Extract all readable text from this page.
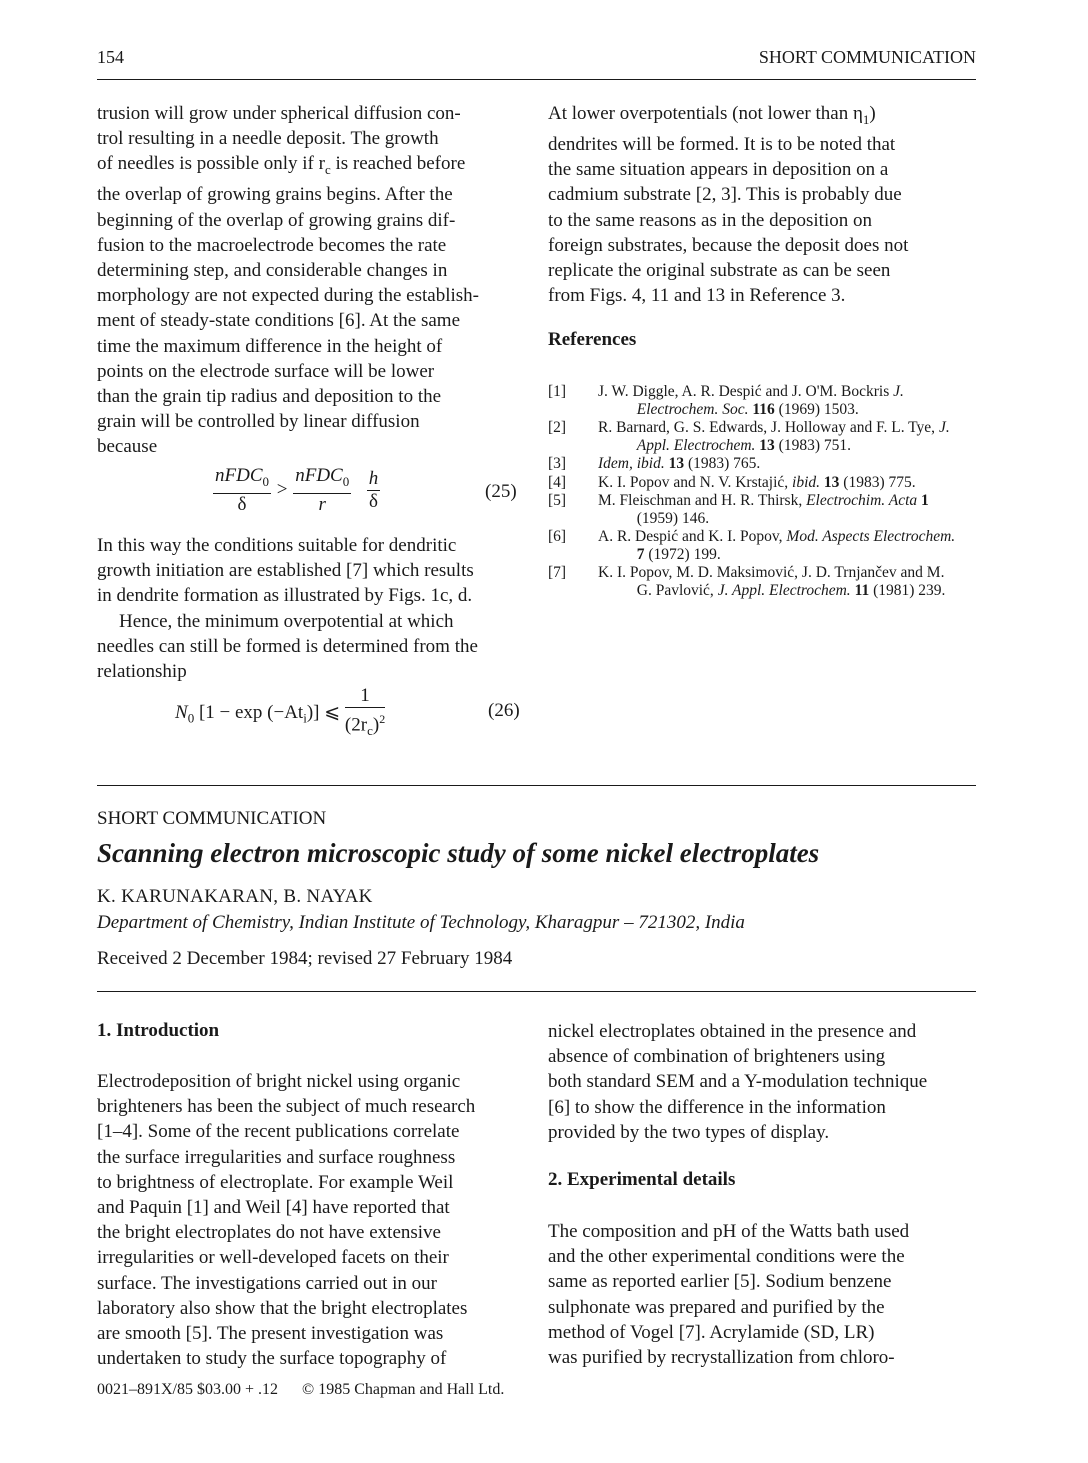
154	SHORT COMMUNICATION

trusion will grow under spherical diffusion con-

trol resulting in a needle deposit. The growth

of needles is possible only if $r_c$ is reached before

the overlap of growing grains begins. After the

beginning of the overlap of growing grains dif-

fusion to the macroelectrode becomes the rate

determining step, and considerable changes in

morphology are not expected during the establish-

ment of steady-state conditions [6]. At the same

time the maximum difference in the height of

points on the electrode surface will be lower

than the grain tip radius and deposition to the

grain will be controlled by linear diffusion

because

$\frac{nFDC_0}{\delta} > \frac{nFDC_0}{r}$
$\frac{h}{\delta}$	(25)

In this way the conditions suitable for dendritic

growth initiation are established [7] which results

in dendrite formation as illustrated by Figs. 1c, d.

Hence, the minimum overpotential at which

needles can still be formed is determined from the

relationship

$N_0$ $[1 - \exp (-At_i)]$ ⩽ $\frac{1}{(2r_c)^2}$	(26)

At lower overpotentials (not lower than $\eta_1$)

dendrites will be formed. It is to be noted that

the same situation appears in deposition on a

cadmium substrate [2, 3]. This is probably due

to the same reasons as in the deposition on

foreign substrates, because the deposit does not

replicate the original substrate as can be seen

from Figs. 4, 11 and 13 in Reference 3.

References
[1]	J. W. Diggle, A. R. Despić and J. O'M. Bockris J. Electrochem. Soc. 116 (1969) 1503.
[2]	R. Barnard, G. S. Edwards, J. Holloway and F. L. Tye, J. Appl. Electrochem. 13 (1983) 751.
[3]	Idem, ibid. 13 (1983) 765.
[4]	K. I. Popov and N. V. Krstajić, ibid. 13 (1983) 775.
[5]	M. Fleischman and H. R. Thirsk, Electrochim. Acta 1 (1959) 146.
[6]	A. R. Despić and K. I. Popov, Mod. Aspects Electrochem. 7 (1972) 199.
[7]	K. I. Popov, M. D. Maksimović, J. D. Trnjančev and M. G. Pavlović, J. Appl. Electrochem. 11 (1981) 239.
SHORT COMMUNICATION
Scanning electron microscopic study of some nickel electroplates
K. KARUNAKARAN, B. NAYAK
Department of Chemistry, Indian Institute of Technology, Kharagpur – 721302, India
Received 2 December 1984; revised 27 February 1984
1. Introduction

Electrodeposition of bright nickel using organic

brighteners has been the subject of much research

[1–4]. Some of the recent publications correlate

the surface irregularities and surface roughness

to brightness of electroplate. For example Weil

and Paquin [1] and Weil [4] have reported that

the bright electroplates do not have extensive

irregularities or well-developed facets on their

surface. The investigations carried out in our

laboratory also show that the bright electroplates

are smooth [5]. The present investigation was

undertaken to study the surface topography of

nickel electroplates obtained in the presence and

absence of combination of brighteners using

both standard SEM and a Y-modulation technique

[6] to show the difference in the information

provided by the two types of display.

2. Experimental details

The composition and pH of the Watts bath used

and the other experimental conditions were the

same as reported earlier [5]. Sodium benzene

sulphonate was prepared and purified by the

method of Vogel [7]. Acrylamide (SD, LR)

was purified by recrystallization from chloro-

0021–891X/85 $03.00 + .12 © 1985 Chapman and Hall Ltd.
